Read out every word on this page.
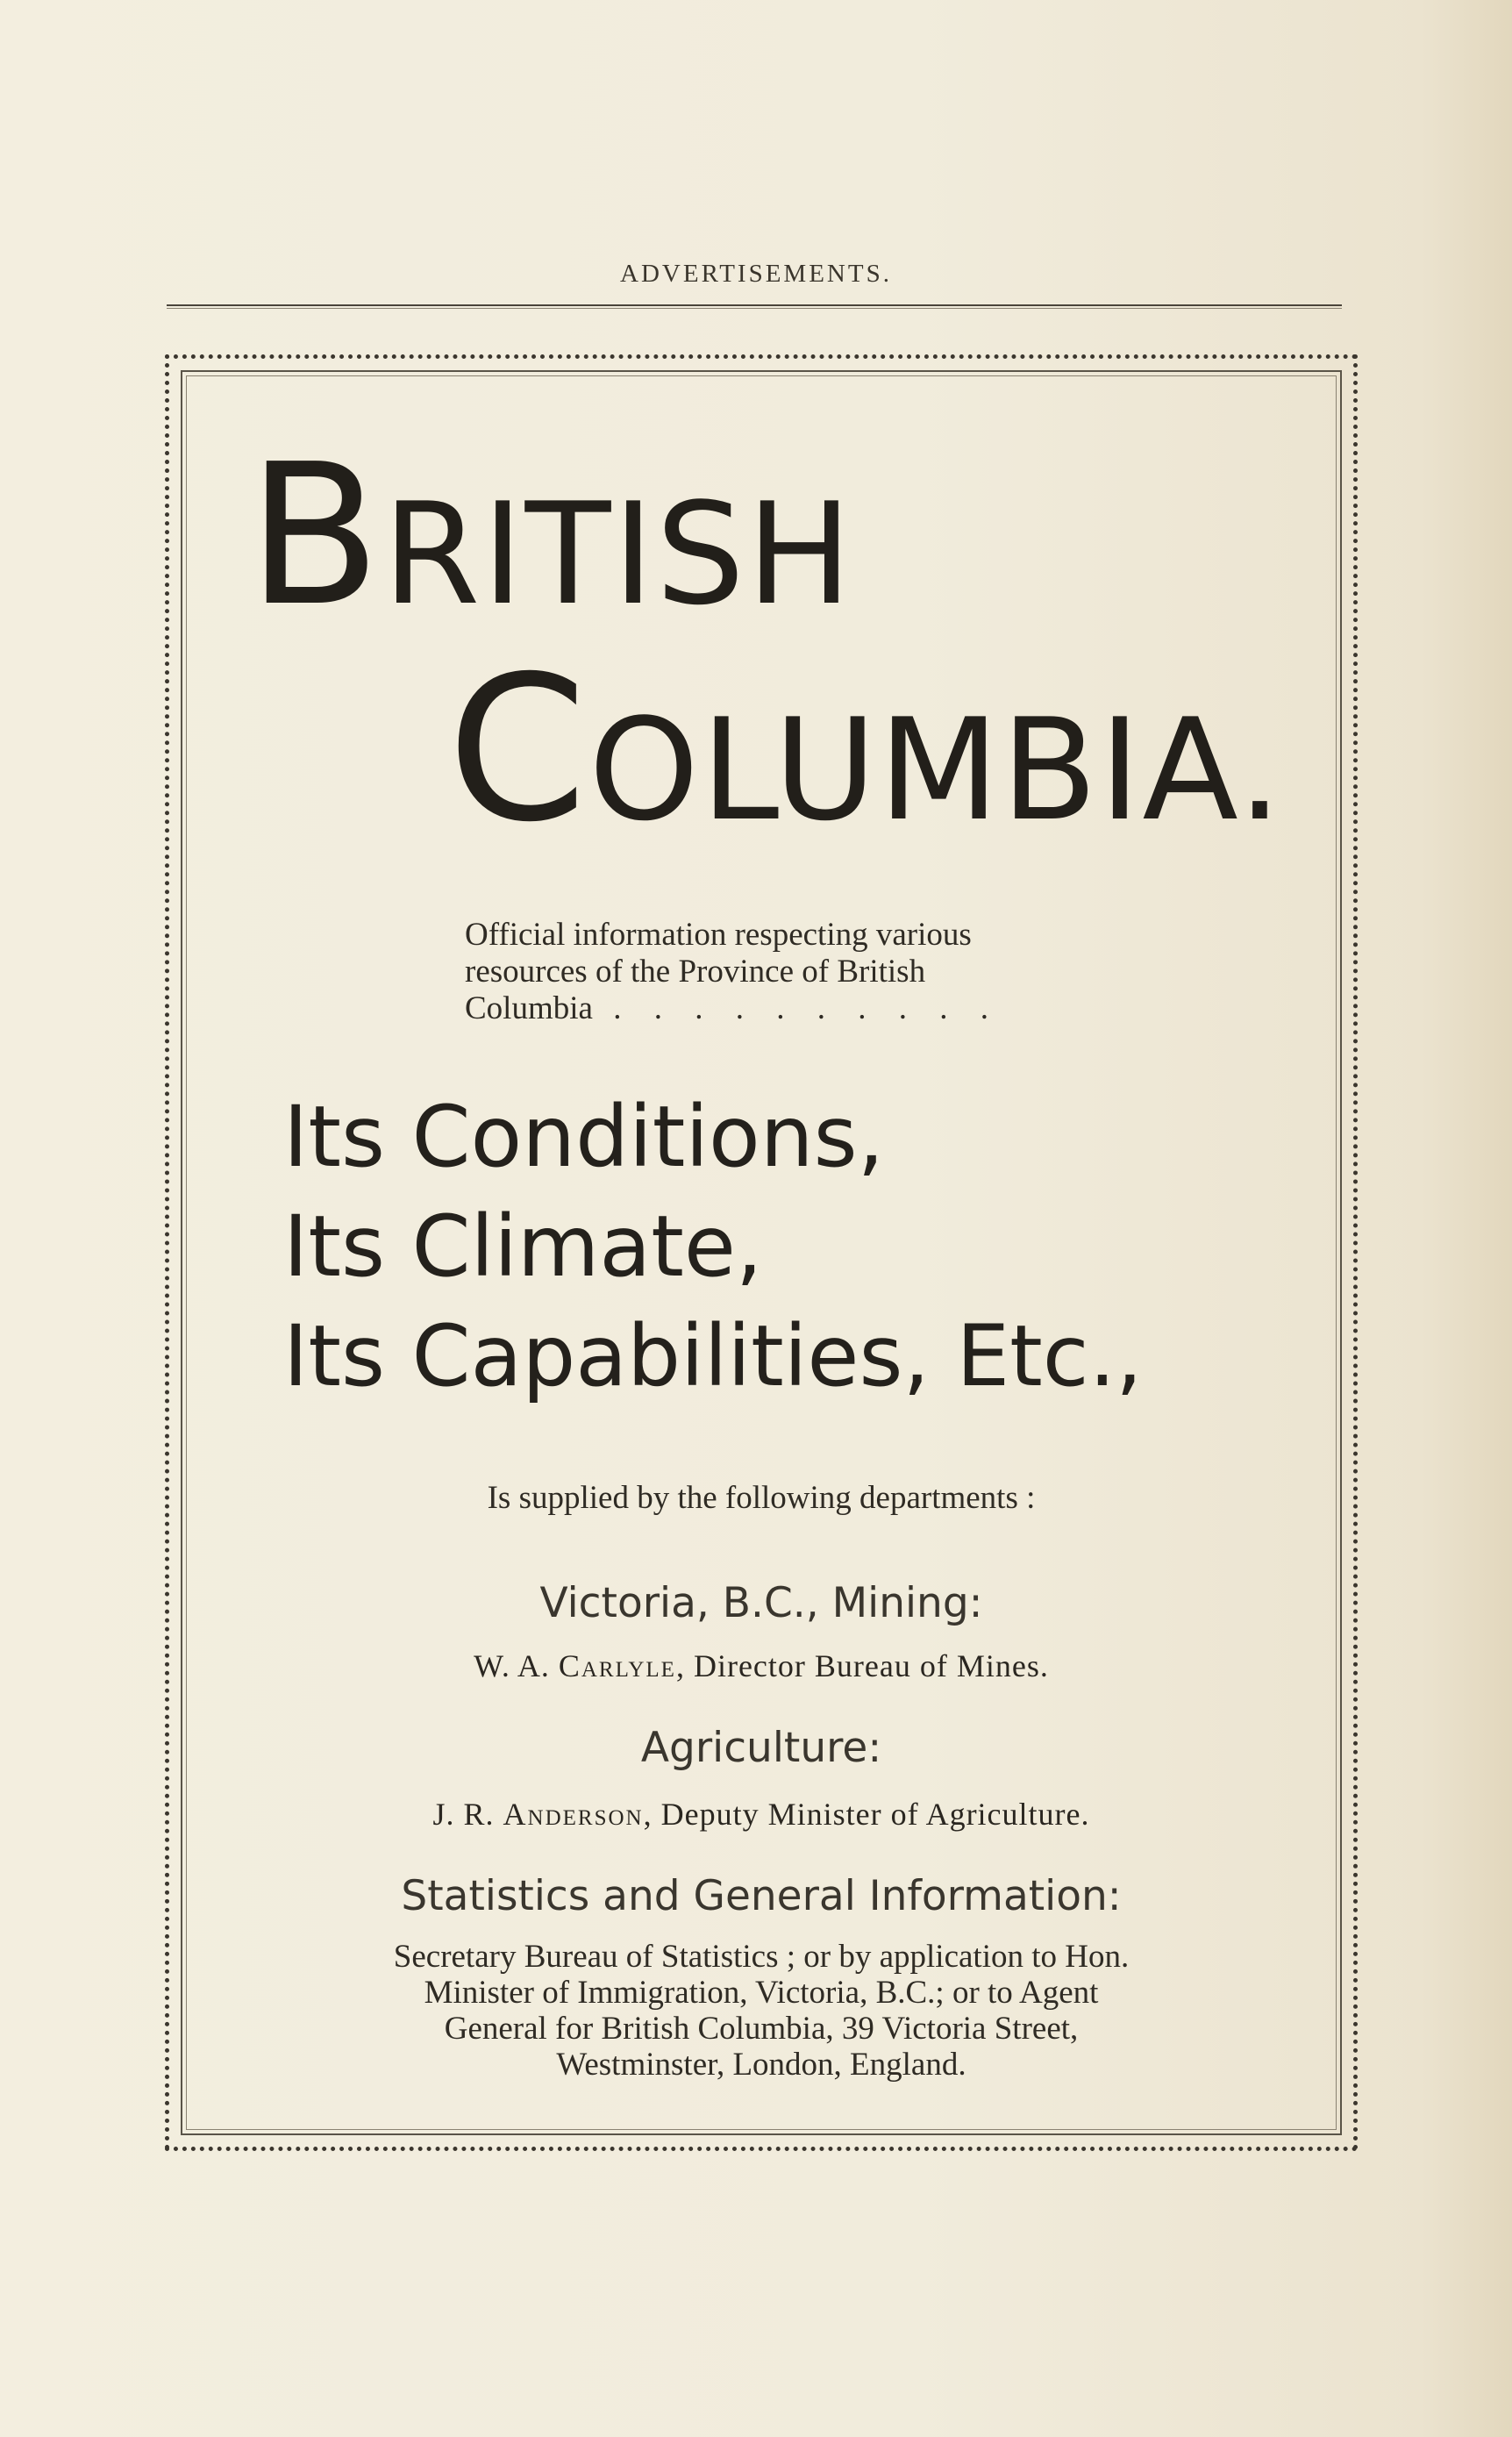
ADVERTISEMENTS.
BRITISH
COLUMBIA.
Official information respecting various
resources of the Province of British
Columbia . . . . . . . . . .
Its Conditions,
Its Climate,
Its Capabilities, Etc.,
Is supplied by the following departments :
Victoria, B.C., Mining:
W. A. Carlyle, Director Bureau of Mines.
Agriculture:
J. R. Anderson, Deputy Minister of Agriculture.
Statistics and General Information:
Secretary Bureau of Statistics ; or by application to Hon.
Minister of Immigration, Victoria, B.C.; or to Agent
General for British Columbia, 39 Victoria Street,
Westminster, London, England.
